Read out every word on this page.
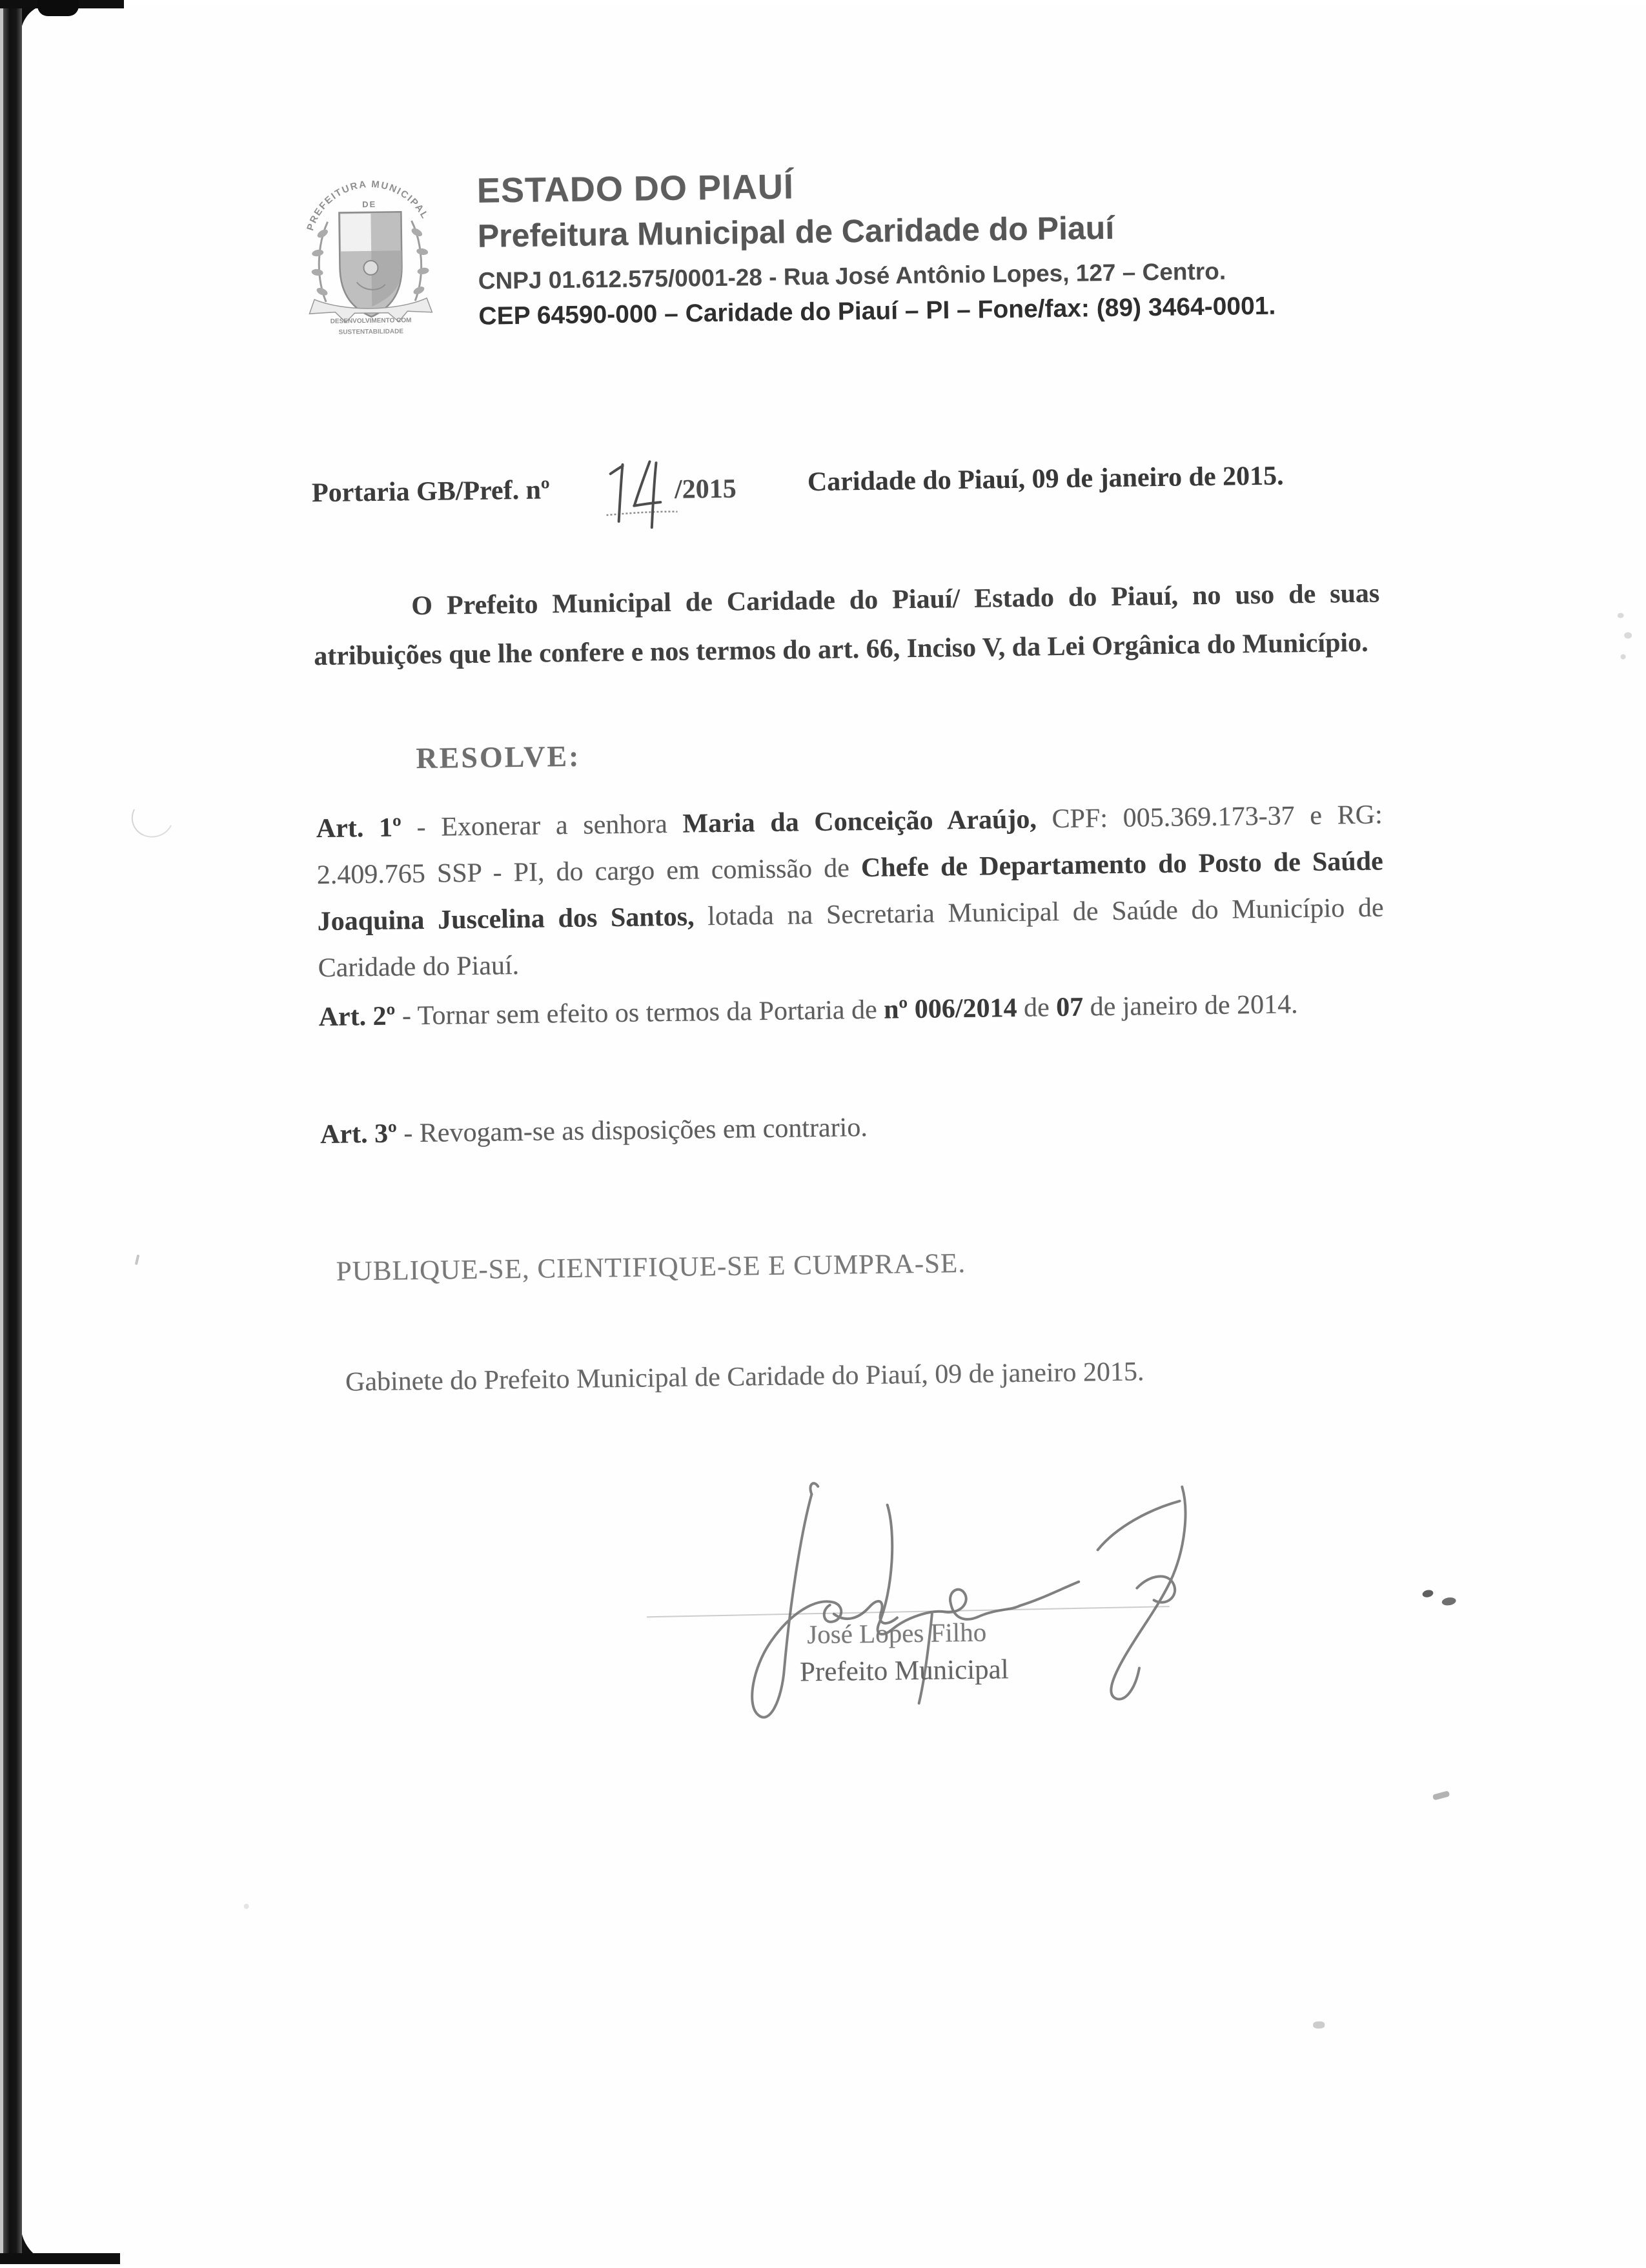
PREFEITURA MUNICIPAL
DE
DESENVOLVIMENTO COM
SUSTENTABILIDADE
ESTADO DO PIAUÍ
Prefeitura Municipal de Caridade do Piauí
CNPJ 01.612.575/0001-28 - Rua José Antônio Lopes, 127 – Centro.
CEP 64590-000 – Caridade do Piauí – PI – Fone/fax: (89) 3464-0001.
Portaria GB/Pref. nº	/2015	Caridade do Piauí, 09 de janeiro de 2015.
O Prefeito Municipal de Caridade do Piauí/ Estado do Piauí, no uso de suas atribuições que lhe confere e nos termos do art. 66, Inciso V, da Lei Orgânica do Município.
RESOLVE:
Art. 1º - Exonerar a senhora Maria da Conceição Araújo, CPF: 005.369.173-37 e RG: 2.409.765 SSP - PI, do cargo em comissão de Chefe de Departamento do Posto de Saúde Joaquina Juscelina dos Santos, lotada na Secretaria Municipal de Saúde do Município de Caridade do Piauí.
Art. 2º - Tornar sem efeito os termos da Portaria de nº 006/2014 de 07 de janeiro de 2014.
Art. 3º - Revogam-se as disposições em contrario.
PUBLIQUE-SE, CIENTIFIQUE-SE E CUMPRA-SE.
Gabinete do Prefeito Municipal de Caridade do Piauí, 09 de janeiro 2015.
José Lopes Filho
Prefeito Municipal
